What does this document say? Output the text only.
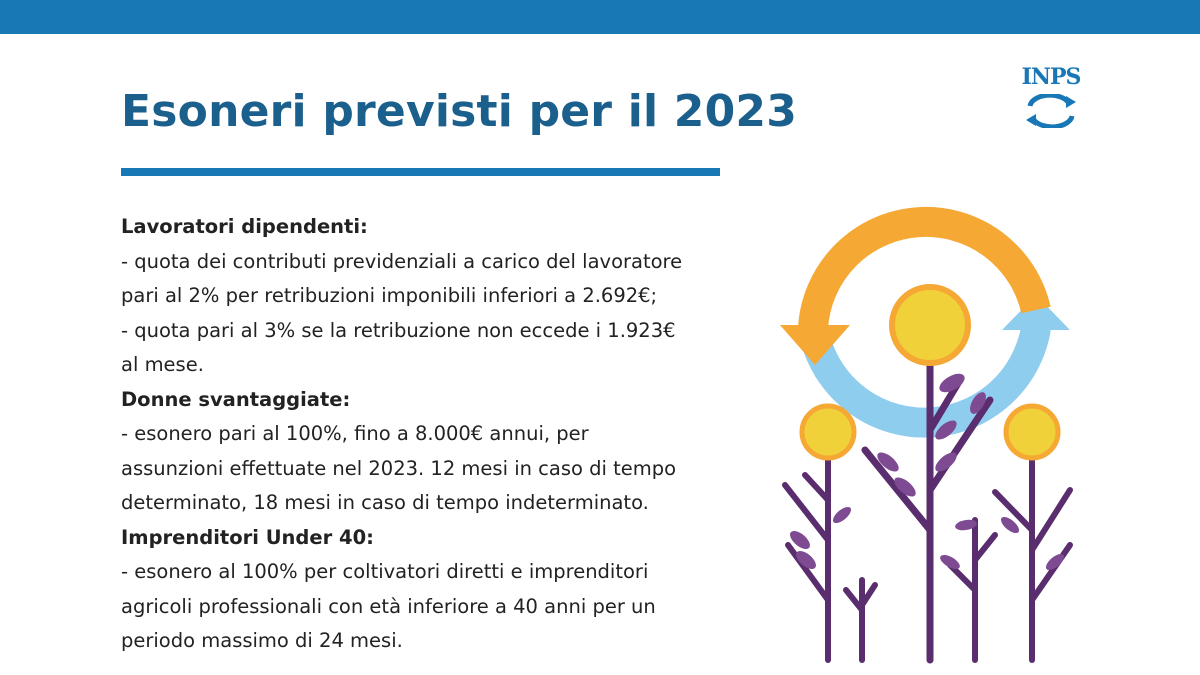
Esoneri previsti per il 2023
INPS

Lavoratori dipendenti:

- quota dei contributi previdenziali a carico del lavoratore

pari al 2% per retribuzioni imponibili inferiori a 2.692€;

- quota pari al 3% se la retribuzione non eccede i 1.923€

al mese.

Donne svantaggiate:

- esonero pari al 100%, fino a 8.000€ annui, per

assunzioni effettuate nel 2023. 12 mesi in caso di tempo

determinato, 18 mesi in caso di tempo indeterminato.

Imprenditori Under 40:

- esonero al 100% per coltivatori diretti e imprenditori

agricoli professionali con età inferiore a 40 anni per un

periodo massimo di 24 mesi.
